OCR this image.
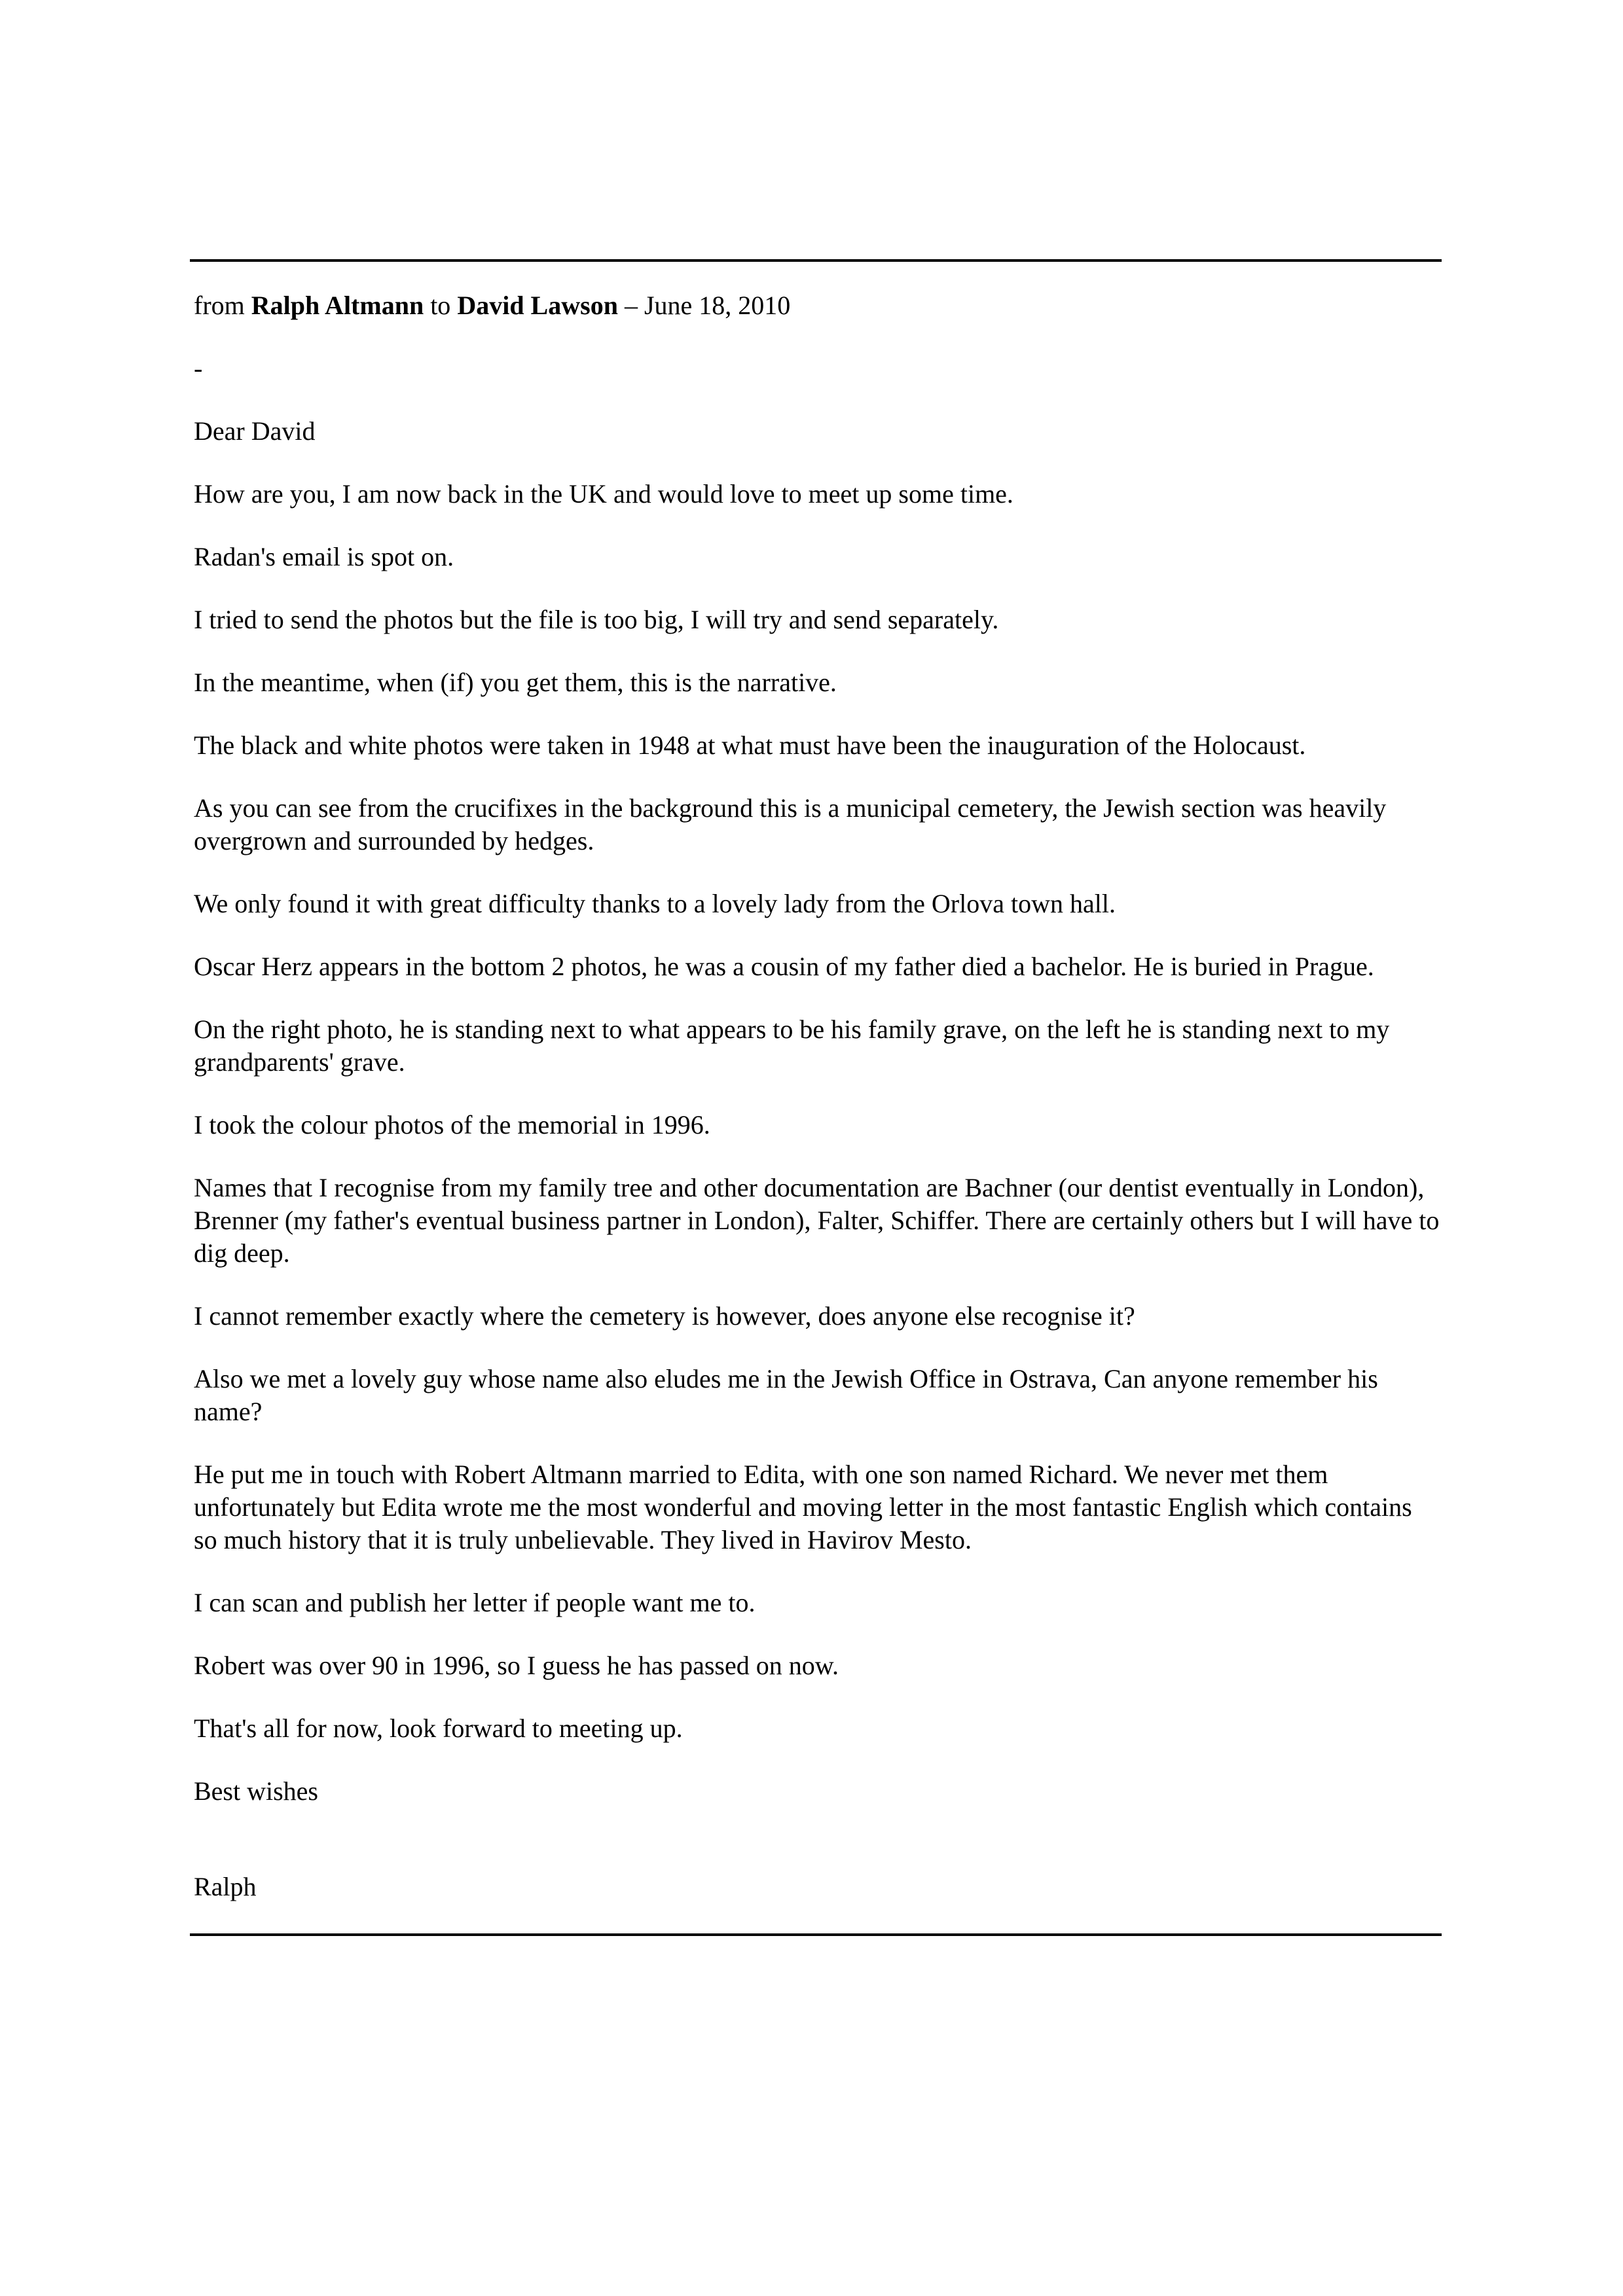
from Ralph Altmann to David Lawson – June 18, 2010

-

Dear David

How are you, I am now back in the UK and would love to meet up some time.

Radan's email is spot on.

I tried to send the photos but the file is too big, I will try and send separately.

In the meantime, when (if) you get them, this is the narrative.

The black and white photos were taken in 1948 at what must have been the inauguration of the Holocaust.

As you can see from the crucifixes in the background this is a municipal cemetery, the Jewish section was heavily overgrown and surrounded by hedges.

We only found it with great difficulty thanks to a lovely lady from the Orlova town hall.

Oscar Herz appears in the bottom 2 photos, he was a cousin of my father died a bachelor. He is buried in Prague.

On the right photo, he is standing next to what appears to be his family grave, on the left he is standing next to my grandparents' grave.

I took the colour photos of the memorial in 1996.

Names that I recognise from my family tree and other documentation are Bachner (our dentist eventually in London), Brenner (my father's eventual business partner in London), Falter, Schiffer. There are certainly others but I will have to dig deep.

I cannot remember exactly where the cemetery is however, does anyone else recognise it?

Also we met a lovely guy whose name also eludes me in the Jewish Office in Ostrava, Can anyone remember his name?

He put me in touch with Robert Altmann married to Edita, with one son named Richard. We never met them unfortunately but Edita wrote me the most wonderful and moving letter in the most fantastic English which contains so much history that it is truly unbelievable. They lived in Havirov Mesto.

I can scan and publish her letter if people want me to.

Robert was over 90 in 1996, so I guess he has passed on now.

That's all for now, look forward to meeting up.

Best wishes

Ralph
